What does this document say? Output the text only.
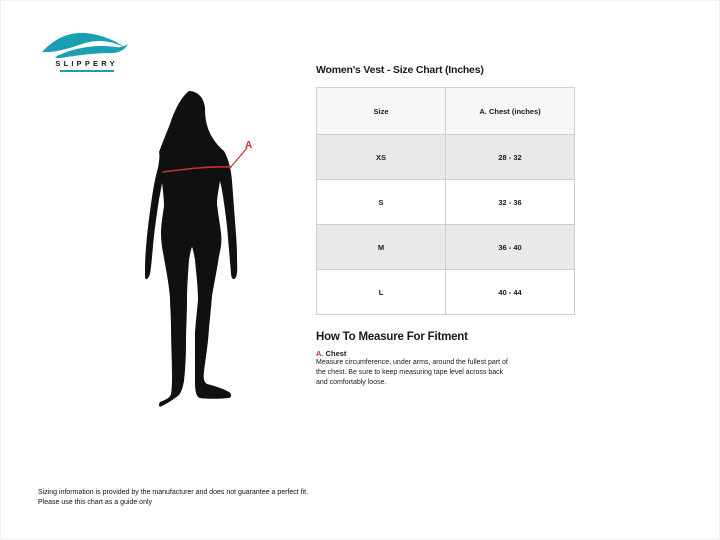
SLIPPERY
A
Women's Vest - Size Chart (Inches)
Size	A. Chest (inches)
XS	28 - 32
S	32 - 36
M	36 - 40
L	40 - 44
How To Measure For Fitment
A. Chest
Measure circumference, under arms, around the fullest part of the chest. Be sure to keep measuring tape level across back and comfortably loose.
Sizing information is provided by the manufacturer and does not guarantee a perfect fit.
Please use this chart as a guide only
